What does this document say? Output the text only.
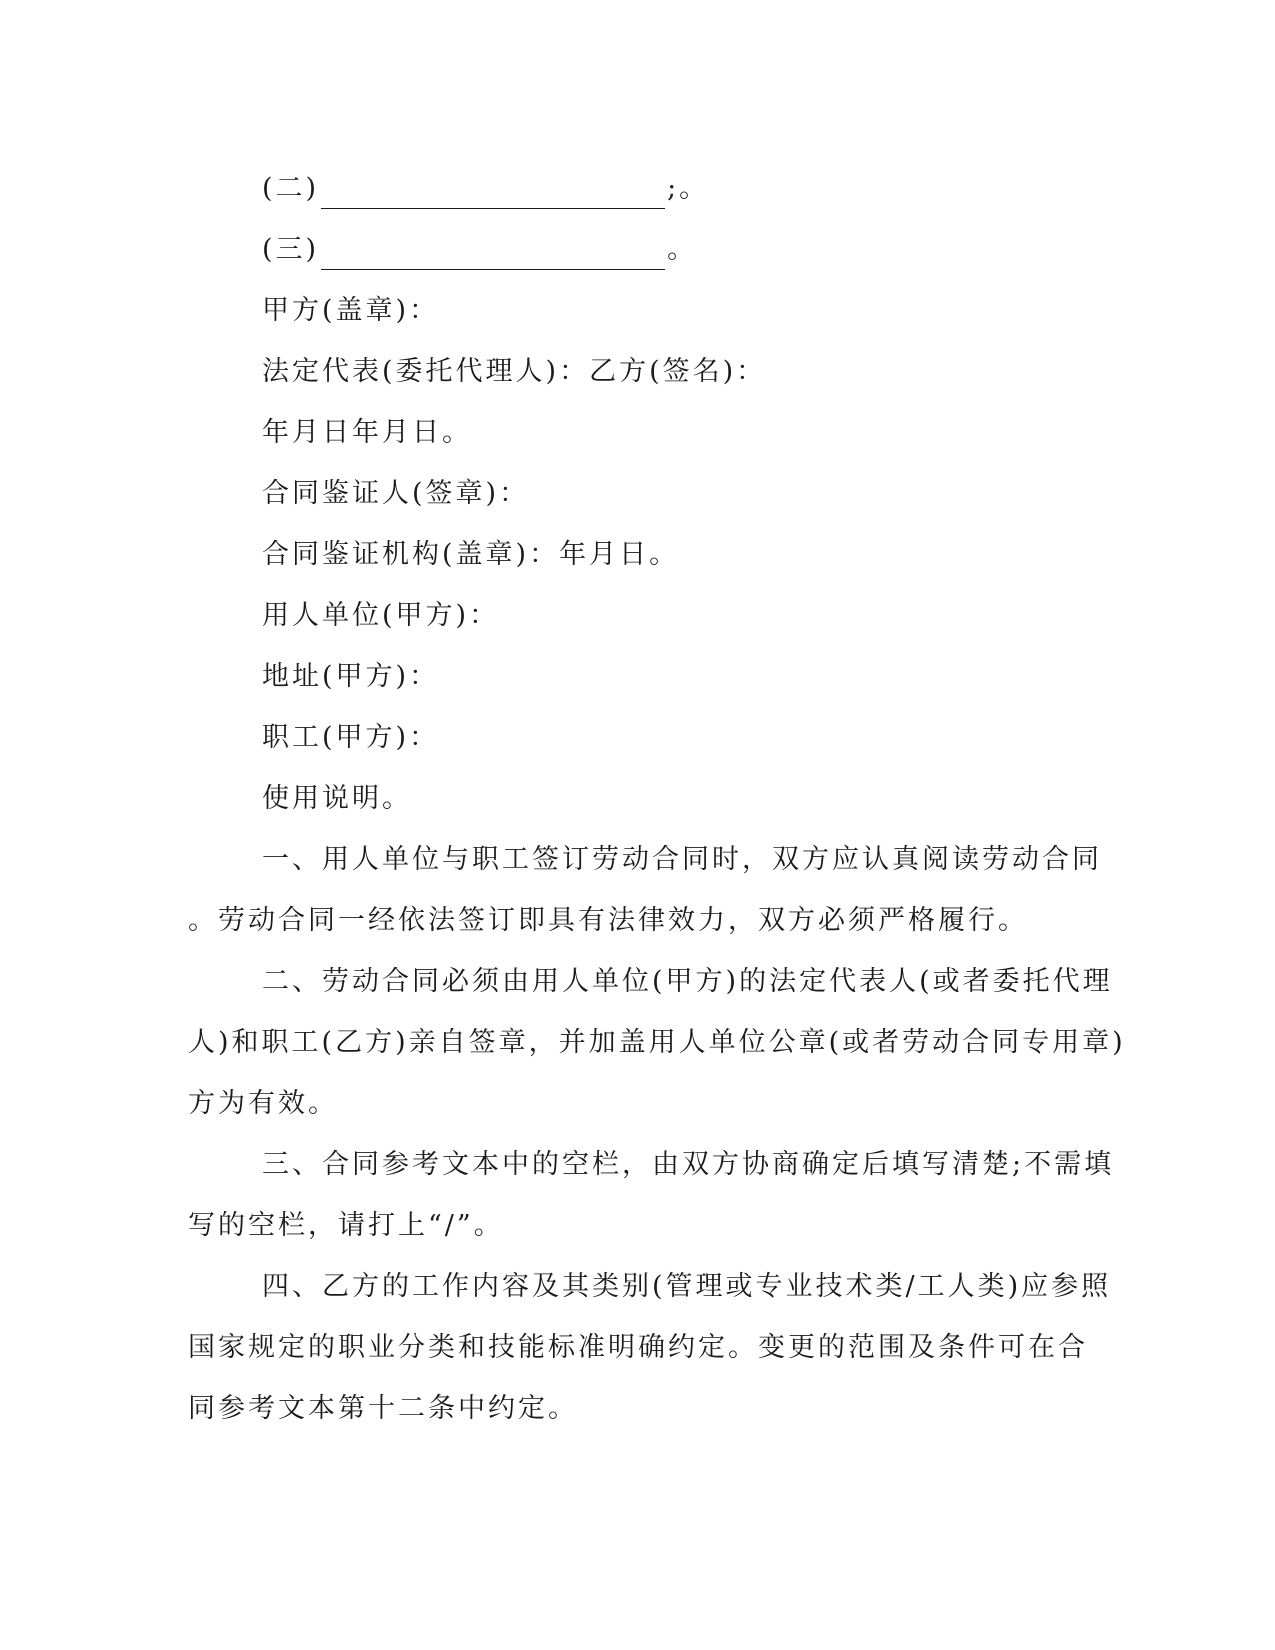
(二)	;。
(三)	。
甲方(盖章)：
法定代表(委托代理人)：乙方(签名)：
年月日年月日。
合同鉴证人(签章)：
合同鉴证机构(盖章)：年月日。
用人单位(甲方)：
地址(甲方)：
职工(甲方)：
使用说明。
一、用人单位与职工签订劳动合同时，双方应认真阅读劳动合同
。劳动合同一经依法签订即具有法律效力，双方必须严格履行。
二、劳动合同必须由用人单位(甲方)的法定代表人(或者委托代理
人)和职工(乙方)亲自签章，并加盖用人单位公章(或者劳动合同专用章)
方为有效。
三、合同参考文本中的空栏，由双方协商确定后填写清楚;不需填
写的空栏，请打上“/”。
四、乙方的工作内容及其类别(管理或专业技术类/工人类)应参照
国家规定的职业分类和技能标准明确约定。变更的范围及条件可在合
同参考文本第十二条中约定。
